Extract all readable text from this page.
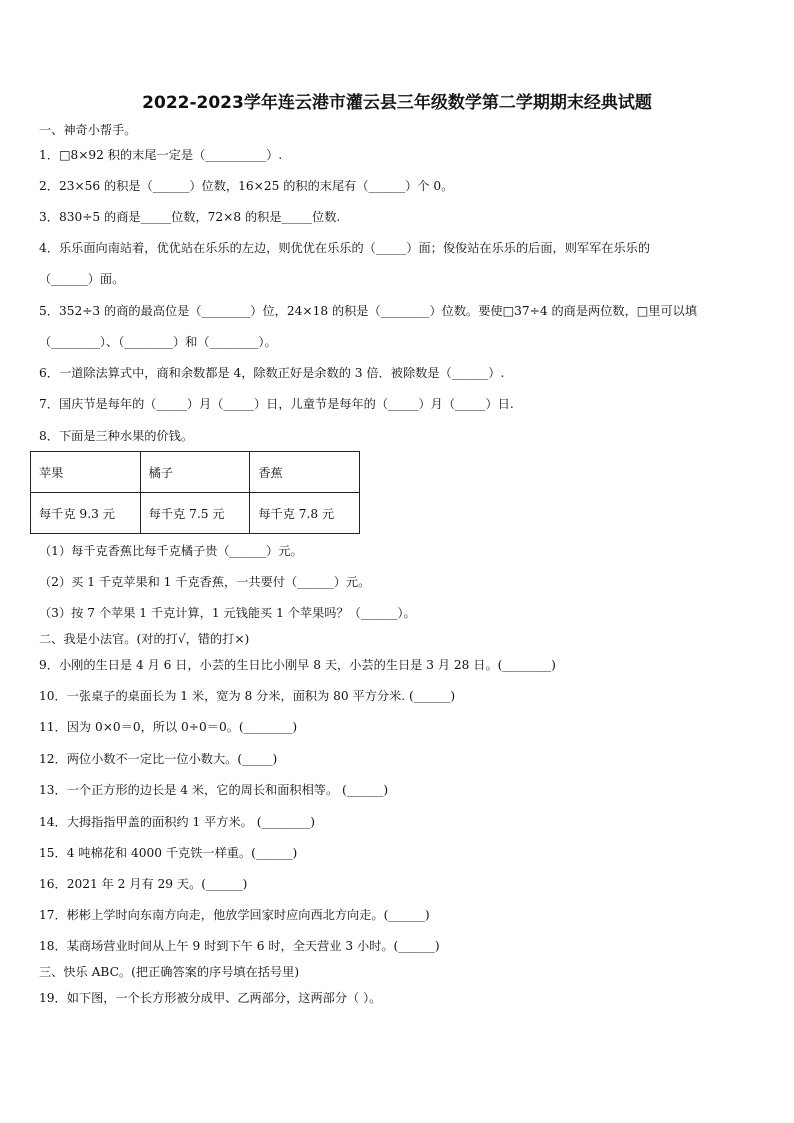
2022-2023学年连云港市灌云县三年级数学第二学期期末经典试题
一、神奇小帮手。
1．□8×92 积的末尾一定是（__________）.
2．23×56 的积是（______）位数，16×25 的积的末尾有（______）个 0。
3．830÷5 的商是_____位数，72×8 的积是_____位数.
4．乐乐面向南站着，优优站在乐乐的左边，则优优在乐乐的（_____）面；俊俊站在乐乐的后面，则军军在乐乐的
（______）面。
5．352÷3 的商的最高位是（________）位，24×18 的积是（________）位数。要使□37÷4 的商是两位数，□里可以填
（________）、（________）和（________）。
6．一道除法算式中，商和余数都是 4，除数正好是余数的 3 倍．被除数是（______）.
7．国庆节是每年的（_____）月（_____）日，儿童节是每年的（_____）月（_____）日.
8．下面是三种水果的价钱。
苹果	橘子	香蕉
每千克 9.3 元	每千克 7.5 元	每千克 7.8 元
（1）每千克香蕉比每千克橘子贵（______）元。
（2）买 1 千克苹果和 1 千克香蕉，一共要付（______）元。
（3）按 7 个苹果 1 千克计算，1 元钱能买 1 个苹果吗？（______）。
二、我是小法官。(对的打√，错的打×)
9．小刚的生日是 4 月 6 日，小芸的生日比小刚早 8 天，小芸的生日是 3 月 28 日。(________)
10．一张桌子的桌面长为 1 米，宽为 8 分米，面积为 80 平方分米. (______)
11．因为 0×0＝0，所以 0÷0＝0。(________)
12．两位小数不一定比一位小数大。(_____)
13．一个正方形的边长是 4 米，它的周长和面积相等。 (______)
14．大拇指指甲盖的面积约 1 平方米。 (________)
15．4 吨棉花和 4000 千克铁一样重。(______)
16．2021 年 2 月有 29 天。(______)
17．彬彬上学时向东南方向走，他放学回家时应向西北方向走。(______)
18．某商场营业时间从上午 9 时到下午 6 时，全天营业 3 小时。(______)
三、快乐 ABC。(把正确答案的序号填在括号里)
19．如下图，一个长方形被分成甲、乙两部分，这两部分（ ）。
